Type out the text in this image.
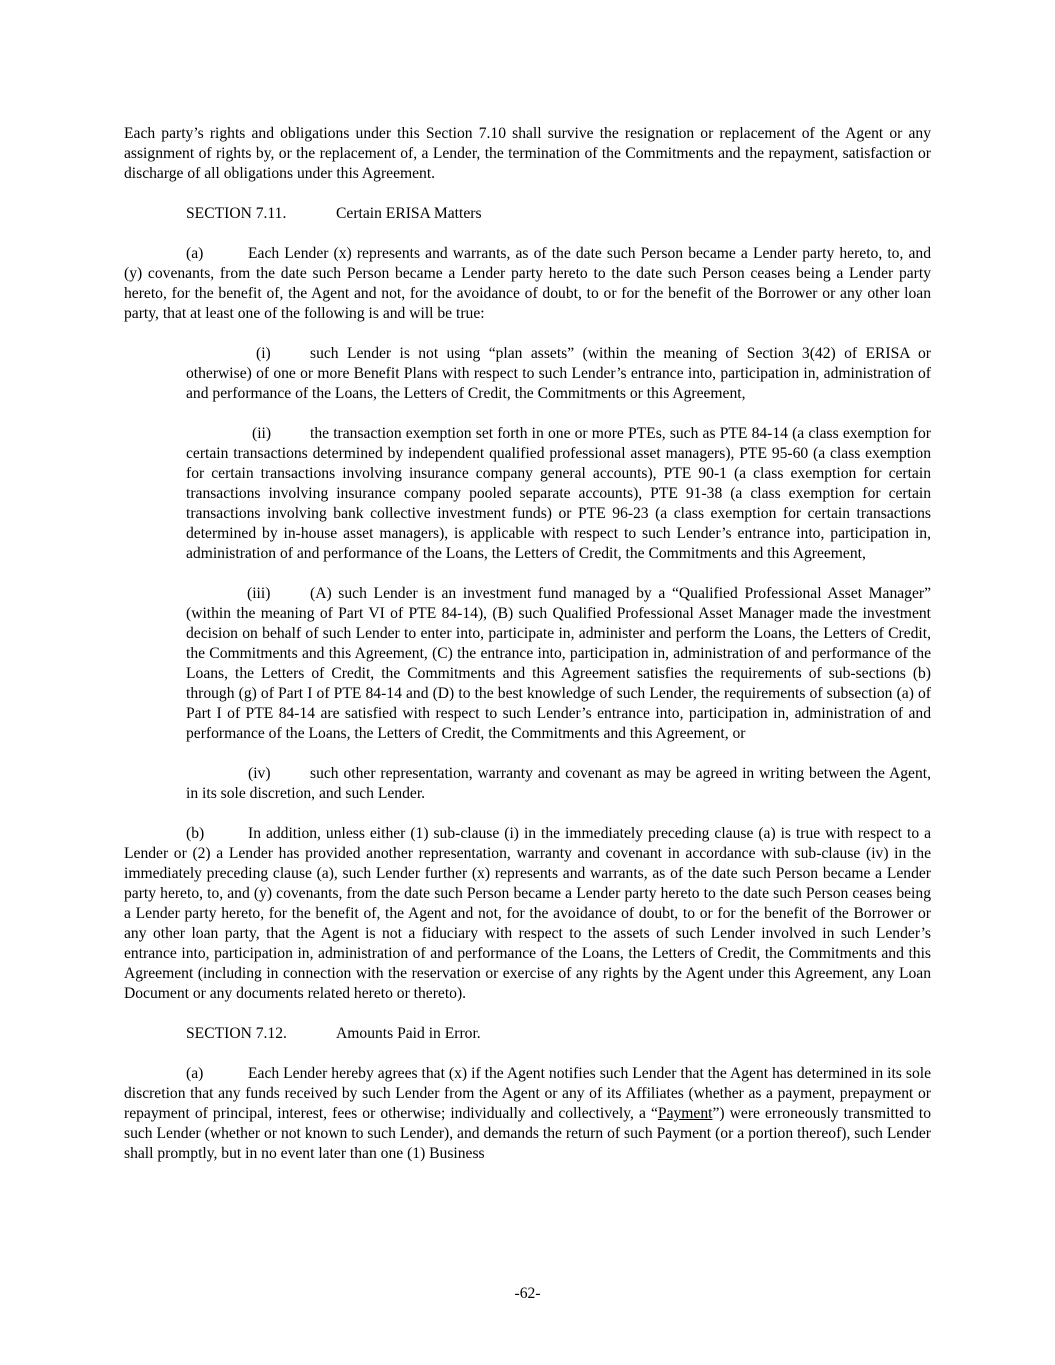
Each party’s rights and obligations under this Section 7.10 shall survive the resignation or replacement of the Agent or any assignment of rights by, or the replacement of, a Lender, the termination of the Commitments and the repayment, satisfaction or discharge of all obligations under this Agreement.

SECTION 7.11.	Certain ERISA Matters

(a)	Each Lender (x) represents and warrants, as of the date such Person became a Lender party hereto, to, and (y) covenants, from the date such Person became a Lender party hereto to the date such Person ceases being a Lender party hereto, for the benefit of, the Agent and not, for the avoidance of doubt, to or for the benefit of the Borrower or any other loan party, that at least one of the following is and will be true:

(i)	such Lender is not using “plan assets” (within the meaning of Section 3(42) of ERISA or otherwise) of one or more Benefit Plans with respect to such Lender’s entrance into, participation in, administration of and performance of the Loans, the Letters of Credit, the Commitments or this Agreement,

(ii) the transaction exemption set forth in one or more PTEs, such as PTE 84-14 (a class exemption for certain transactions determined by independent qualified professional asset managers), PTE 95-60 (a class exemption for certain transactions involving insurance company general accounts), PTE 90-1 (a class exemption for certain transactions involving insurance company pooled separate accounts), PTE 91-38 (a class exemption for certain transactions involving bank collective investment funds) or PTE 96-23 (a class exemption for certain transactions determined by in-house asset managers), is applicable with respect to such Lender’s entrance into, participation in, administration of and performance of the Loans, the Letters of Credit, the Commitments and this Agreement,

(iii)	(A) such Lender is an investment fund managed by a “Qualified Professional Asset Manager” (within the meaning of Part VI of PTE 84-14), (B) such Qualified Professional Asset Manager made the investment decision on behalf of such Lender to enter into, participate in, administer and perform the Loans, the Letters of Credit, the Commitments and this Agreement, (C) the entrance into, participation in, administration of and performance of the Loans, the Letters of Credit, the Commitments and this Agreement satisfies the requirements of sub-sections (b) through (g) of Part I of PTE 84-14 and (D) to the best knowledge of such Lender, the requirements of subsection (a) of Part I of PTE 84-14 are satisfied with respect to such Lender’s entrance into, participation in, administration of and performance of the Loans, the Letters of Credit, the Commitments and this Agreement, or

(iv)	such other representation, warranty and covenant as may be agreed in writing between the Agent, in its sole discretion, and such Lender.

(b)	In addition, unless either (1) sub-clause (i) in the immediately preceding clause (a) is true with respect to a Lender or (2) a Lender has provided another representation, warranty and covenant in accordance with sub-clause (iv) in the immediately preceding clause (a), such Lender further (x) represents and warrants, as of the date such Person became a Lender party hereto, to, and (y) covenants, from the date such Person became a Lender party hereto to the date such Person ceases being a Lender party hereto, for the benefit of, the Agent and not, for the avoidance of doubt, to or for the benefit of the Borrower or any other loan party, that the Agent is not a fiduciary with respect to the assets of such Lender involved in such Lender’s entrance into, participation in, administration of and performance of the Loans, the Letters of Credit, the Commitments and this Agreement (including in connection with the reservation or exercise of any rights by the Agent under this Agreement, any Loan Document or any documents related hereto or thereto).

SECTION 7.12.	Amounts Paid in Error.

(a)	Each Lender hereby agrees that (x) if the Agent notifies such Lender that the Agent has determined in its sole discretion that any funds received by such Lender from the Agent or any of its Affiliates (whether as a payment, prepayment or repayment of principal, interest, fees or otherwise; individually and collectively, a “Payment”) were erroneously transmitted to such Lender (whether or not known to such Lender), and demands the return of such Payment (or a portion thereof), such Lender shall promptly, but in no event later than one (1) Business

-62-
